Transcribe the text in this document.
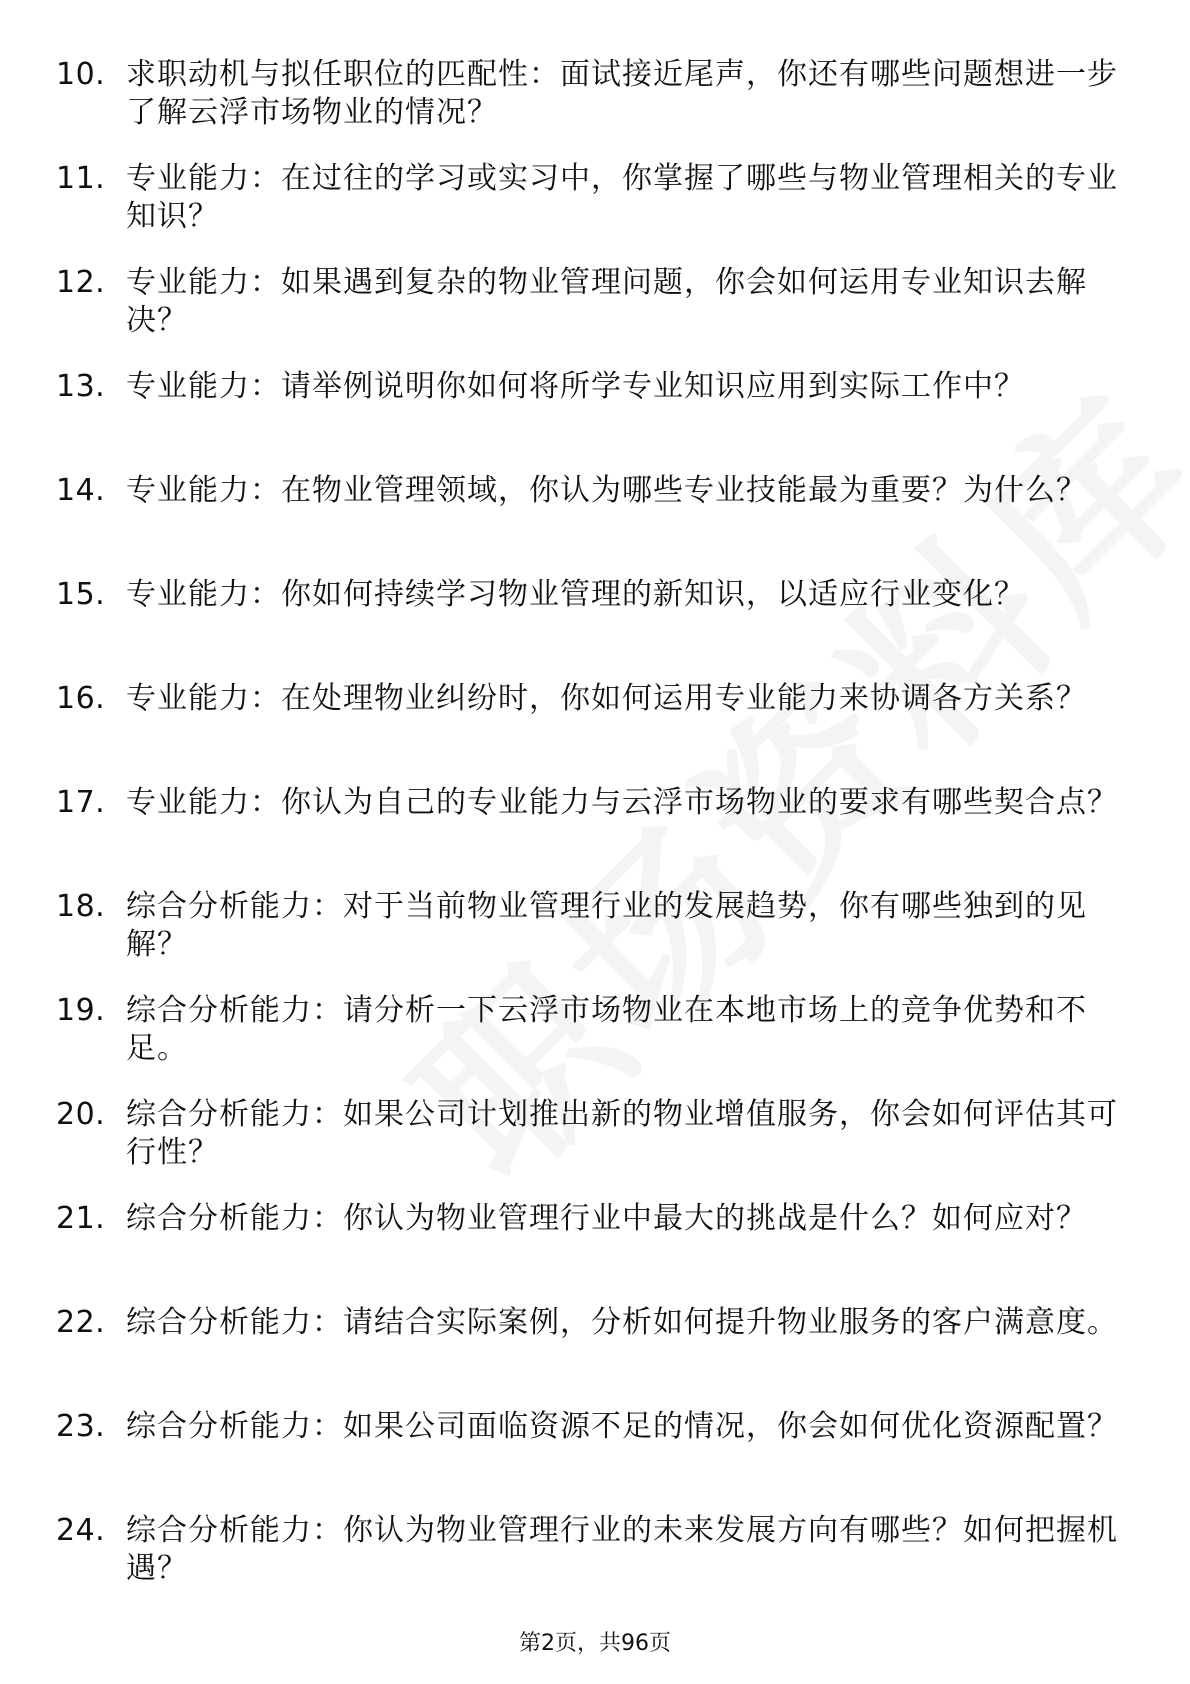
10. 求职动机与拟任职位的匹配性：面试接近尾声，你还有哪些问题想进一步了解云浮市场物业的情况？
11. 专业能力：在过往的学习或实习中，你掌握了哪些与物业管理相关的专业知识？
12. 专业能力：如果遇到复杂的物业管理问题，你会如何运用专业知识去解决？
13. 专业能力：请举例说明你如何将所学专业知识应用到实际工作中？
14. 专业能力：在物业管理领域，你认为哪些专业技能最为重要？为什么？
15. 专业能力：你如何持续学习物业管理的新知识，以适应行业变化？
16. 专业能力：在处理物业纠纷时，你如何运用专业能力来协调各方关系？
17. 专业能力：你认为自己的专业能力与云浮市场物业的要求有哪些契合点？
18. 综合分析能力：对于当前物业管理行业的发展趋势，你有哪些独到的见解？
19. 综合分析能力：请分析一下云浮市场物业在本地市场上的竞争优势和不足。
20. 综合分析能力：如果公司计划推出新的物业增值服务，你会如何评估其可行性？
21. 综合分析能力：你认为物业管理行业中最大的挑战是什么？如何应对？
22. 综合分析能力：请结合实际案例，分析如何提升物业服务的客户满意度。
23. 综合分析能力：如果公司面临资源不足的情况，你会如何优化资源配置？
24. 综合分析能力：你认为物业管理行业的未来发展方向有哪些？如何把握机遇？
第2页，共96页
